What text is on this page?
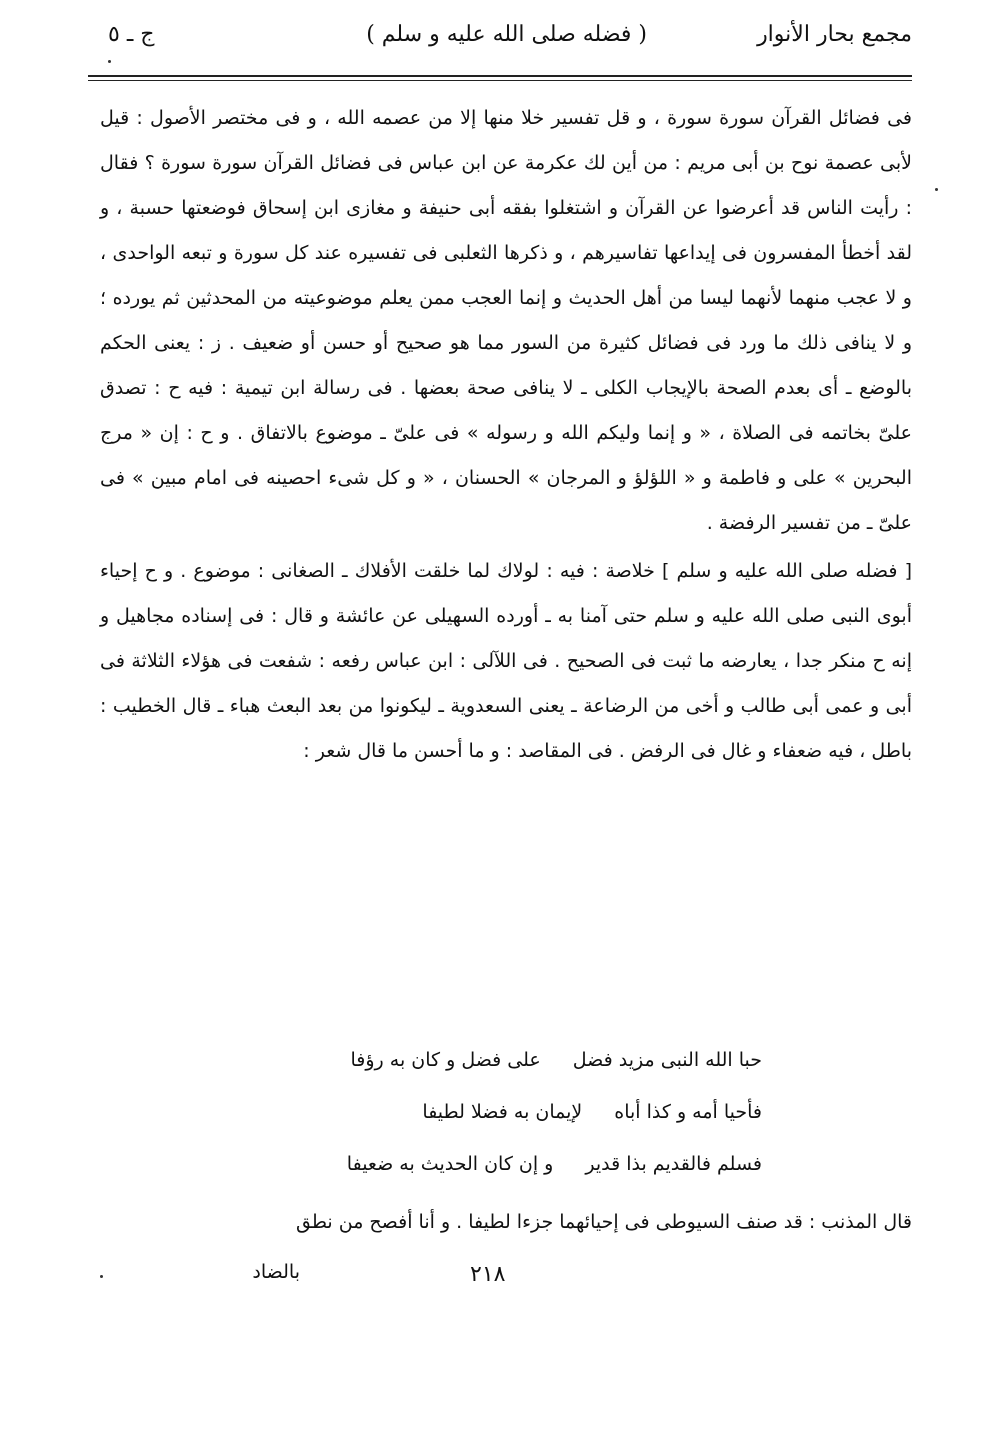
مجمع بحار الأنوار
( فضله صلى الله عليه و سلم )
ج ـ ٥

فى فضائل القرآن سورة سورة ، و قل تفسير خلا منها إلا من عصمه الله ، و فى مختصر الأصول : قيل لأبى عصمة نوح بن أبى مريم : من أين لك عكرمة عن ابن عباس فى فضائل القرآن سورة سورة ؟ فقال : رأيت الناس قد أعرضوا عن القرآن و اشتغلوا بفقه أبى حنيفة و مغازى ابن إسحاق فوضعتها حسبة ، و لقد أخطأ المفسرون فى إيداعها تفاسيرهم ، و ذكرها الثعلبى فى تفسيره عند كل سورة و تبعه الواحدى ، و لا عجب منهما لأنهما ليسا من أهل الحديث و إنما العجب ممن يعلم موضوعيته من المحدثين ثم يورده ؛ و لا ينافى ذلك ما ورد فى فضائل كثيرة من السور مما هو صحيح أو حسن أو ضعيف . ز : يعنى الحكم بالوضع ـ أى بعدم الصحة بالإيجاب الكلى ـ لا ينافى صحة بعضها . فى رسالة ابن تيمية : فيه ح : تصدق علىّ بخاتمه فى الصلاة ، « و إنما وليكم الله و رسوله » فى علىّ ـ موضوع بالاتفاق . و ح : إن « مرج البحرين » على و فاطمة و « اللؤلؤ و المرجان » الحسنان ، « و كل شىء احصينه فى امام مبين » فى علىّ ـ من تفسير الرفضة .

[ فضله صلى الله عليه و سلم ] خلاصة : فيه : لولاك لما خلقت الأفلاك ـ الصغانى : موضوع . و ح إحياء أبوى النبى صلى الله عليه و سلم حتى آمنا به ـ أورده السهيلى عن عائشة و قال : فى إسناده مجاهيل و إنه ح منكر جدا ، يعارضه ما ثبت فى الصحيح . فى اللآلى : ابن عباس رفعه : شفعت فى هؤلاء الثلاثة فى أبى و عمى أبى طالب و أخى من الرضاعة ـ يعنى السعدوية ـ ليكونوا من بعد البعث هباء ـ قال الخطيب : باطل ، فيه ضعفاء و غال فى الرفض . فى المقاصد : و ما أحسن ما قال شعر :

حبا الله النبى مزيد فضل
على فضل و كان به رؤفا
فأحيا أمه و كذا أباه
لإيمان به فضلا لطيفا
فسلم فالقديم بذا قدير
و إن كان الحديث به ضعيفا
قال المذنب : قد صنف السيوطى فى إحيائهما جزءا لطيفا . و أنا أفصح من نطق
بالضاد	٢١٨
